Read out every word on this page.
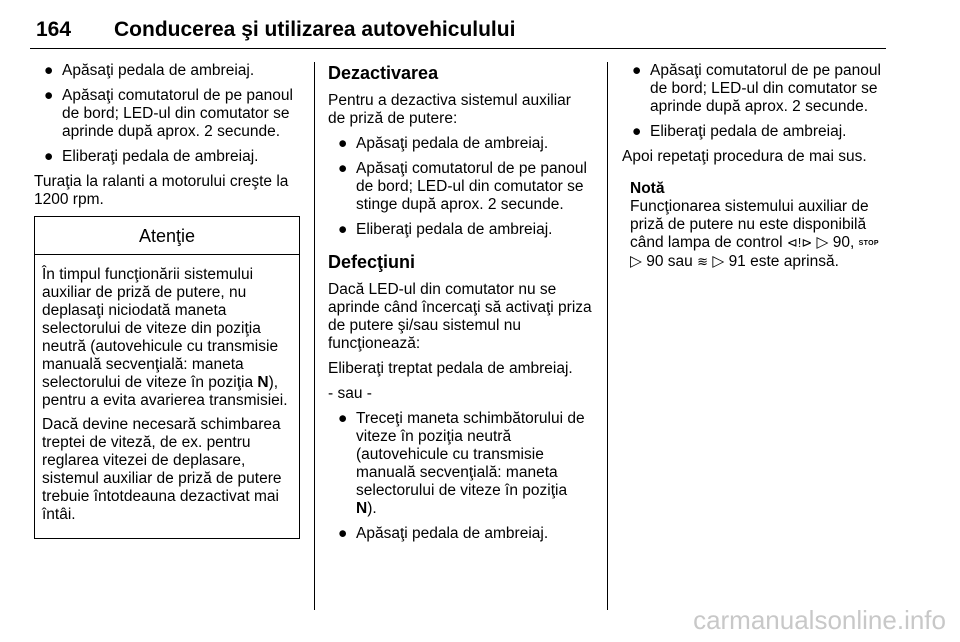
164 Conducerea şi utilizarea autovehiculului
● Apăsaţi pedala de ambreiaj.
● Apăsaţi comutatorul de pe panoul de bord; LED-ul din comutator se aprinde după aprox. 2 secunde.
● Eliberaţi pedala de ambreiaj.

Turaţia la ralanti a motorului creşte la 1200 rpm.

Atenţie

În timpul funcţionării sistemului auxiliar de priză de putere, nu deplasaţi niciodată maneta selectorului de viteze din poziţia neutră (autovehicule cu transmisie manuală secvenţială: maneta selectorului de viteze în poziţia N), pentru a evita avarierea transmisiei.

Dacă devine necesară schimbarea treptei de viteză, de ex. pentru reglarea vitezei de deplasare, sistemul auxiliar de priză de putere trebuie întotdeauna dezactivat mai întâi.

Dezactivarea

Pentru a dezactiva sistemul auxiliar de priză de putere:

● Apăsaţi pedala de ambreiaj.
● Apăsaţi comutatorul de pe panoul de bord; LED-ul din comutator se stinge după aprox. 2 secunde.
● Eliberaţi pedala de ambreiaj.
Defecţiuni

Dacă LED-ul din comutator nu se aprinde când încercaţi să activaţi priza de putere şi/sau sistemul nu funcţionează:

Eliberaţi treptat pedala de ambreiaj.

- sau -

● Treceţi maneta schimbătorului de viteze în poziţia neutră (autovehicule cu transmisie manuală secvenţială: maneta selectorului de viteze în poziţia N).
● Apăsaţi pedala de ambreiaj.
● Apăsaţi comutatorul de pe panoul de bord; LED-ul din comutator se aprinde după aprox. 2 secunde.
● Eliberaţi pedala de ambreiaj.

Apoi repetaţi procedura de mai sus.

Notă
Funcţionarea sistemului auxiliar de priză de putere nu este disponibilă când lampa de control ⊲!⊳ ▷ 90, STOP
▷ 90 sau ≋ ▷ 91 este aprinsă.
carmanualsonline.info
